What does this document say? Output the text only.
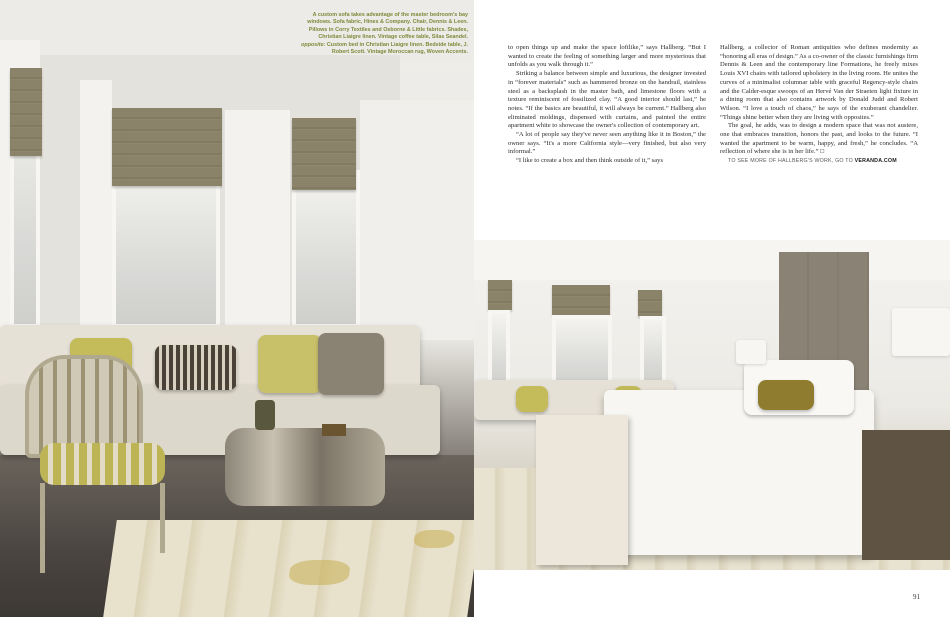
A custom sofa takes advantage of the master bedroom's bay windows. Sofa fabric, Hines & Company. Chair, Dennis & Leen. Pillows in Corry Textiles and Osborne & Little fabrics. Shades, Christian Liaigre linen. Vintage coffee table, Silas Seandel. opposite: Custom bed in Christian Liaigre linen. Bedside table, J. Robert Scott. Vintage Moroccan rug, Woven Accents.

to open things up and make the space loftlike,” says Hallberg. “But I wanted to create the feeling of something larger and more mysterious that unfolds as you walk through it.”

Striking a balance between simple and luxurious, the designer invested in “forever materials” such as hammered bronze on the handrail, stainless steel as a backsplash in the master bath, and limestone floors with a texture reminiscent of fossilized clay. “A good interior should last,” he notes. “If the basics are beautiful, it will always be current.” Hallberg also eliminated moldings, dispensed with curtains, and painted the entire apartment white to showcase the owner's collection of contemporary art.

“A lot of people say they've never seen anything like it in Boston,” the owner says. “It's a more California style—very finished, but also very informal.”

“I like to create a box and then think outside of it,” says

Hallberg, a collector of Roman antiquities who defines modernity as “honoring all eras of design.” As a co-owner of the classic furnishings firm Dennis & Leen and the contemporary line Formations, he freely mixes Louis XVI chairs with tailored upholstery in the living room. He unites the curves of a minimalist columnar table with graceful Regency-style chairs and the Calder-esque swoops of an Hervé Van der Straeten light fixture in a dining room that also contains artwork by Donald Judd and Robert Wilson. “I love a touch of chaos,” he says of the exuberant chandelier. “Things shine better when they are living with opposites.”

The goal, he adds, was to design a modern space that was not austere, one that embraces transition, honors the past, and looks to the future. “I wanted the apartment to be warm, happy, and fresh,” he concludes. “A reflection of where she is in her life.” □

TO SEE MORE OF HALLBERG'S WORK, GO TO VERANDA.COM

91
